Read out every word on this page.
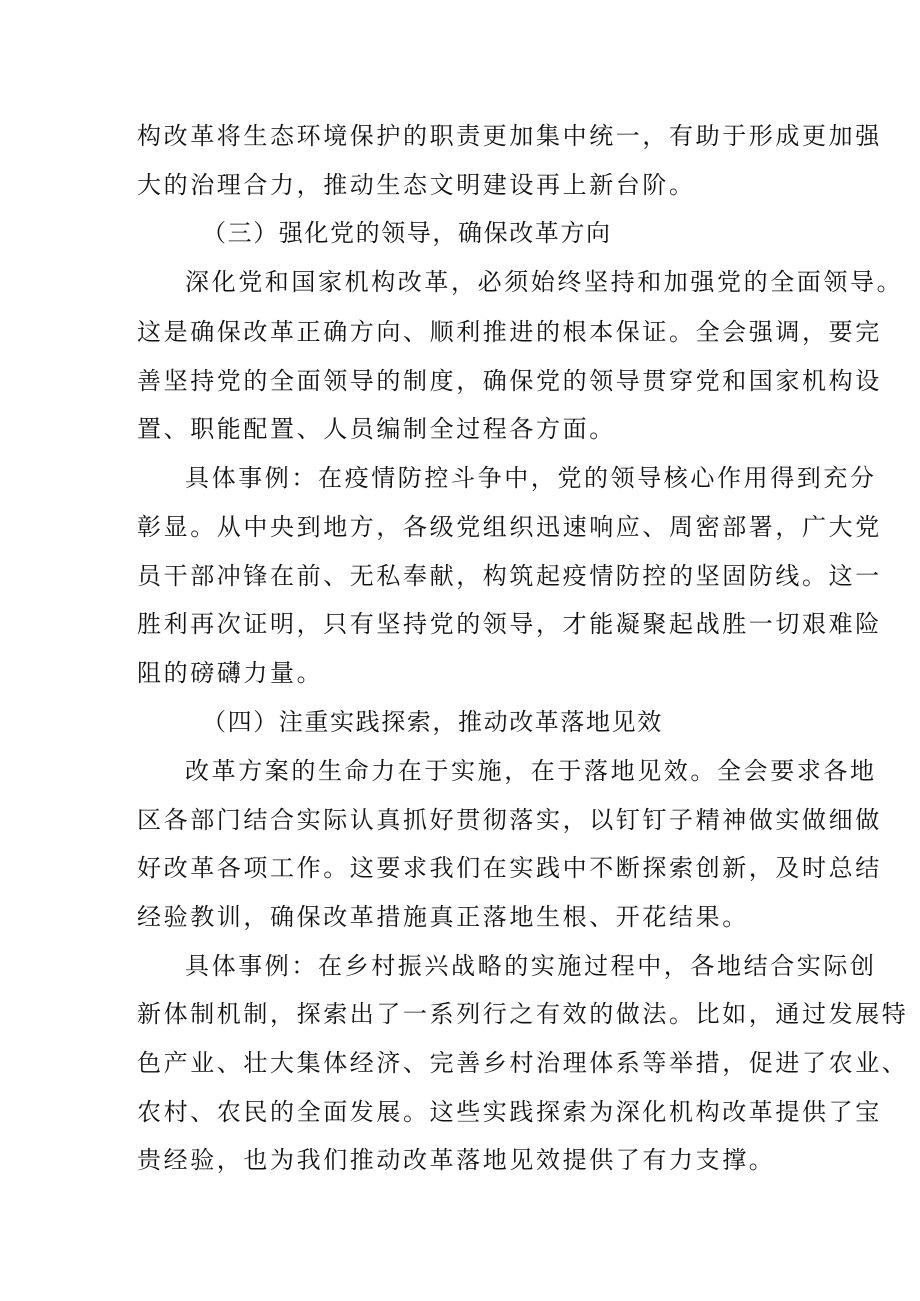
构改革将生态环境保护的职责更加集中统一，有助于形成更加强
大的治理合力，推动生态文明建设再上新台阶。
（三）强化党的领导，确保改革方向
深化党和国家机构改革，必须始终坚持和加强党的全面领导。
这是确保改革正确方向、顺利推进的根本保证。全会强调，要完
善坚持党的全面领导的制度，确保党的领导贯穿党和国家机构设
置、职能配置、人员编制全过程各方面。
具体事例：在疫情防控斗争中，党的领导核心作用得到充分
彰显。从中央到地方，各级党组织迅速响应、周密部署，广大党
员干部冲锋在前、无私奉献，构筑起疫情防控的坚固防线。这一
胜利再次证明，只有坚持党的领导，才能凝聚起战胜一切艰难险
阻的磅礴力量。
（四）注重实践探索，推动改革落地见效
改革方案的生命力在于实施，在于落地见效。全会要求各地
区各部门结合实际认真抓好贯彻落实，以钉钉子精神做实做细做
好改革各项工作。这要求我们在实践中不断探索创新，及时总结
经验教训，确保改革措施真正落地生根、开花结果。
具体事例：在乡村振兴战略的实施过程中，各地结合实际创
新体制机制，探索出了一系列行之有效的做法。比如，通过发展特
色产业、壮大集体经济、完善乡村治理体系等举措，促进了农业、
农村、农民的全面发展。这些实践探索为深化机构改革提供了宝
贵经验，也为我们推动改革落地见效提供了有力支撑。
